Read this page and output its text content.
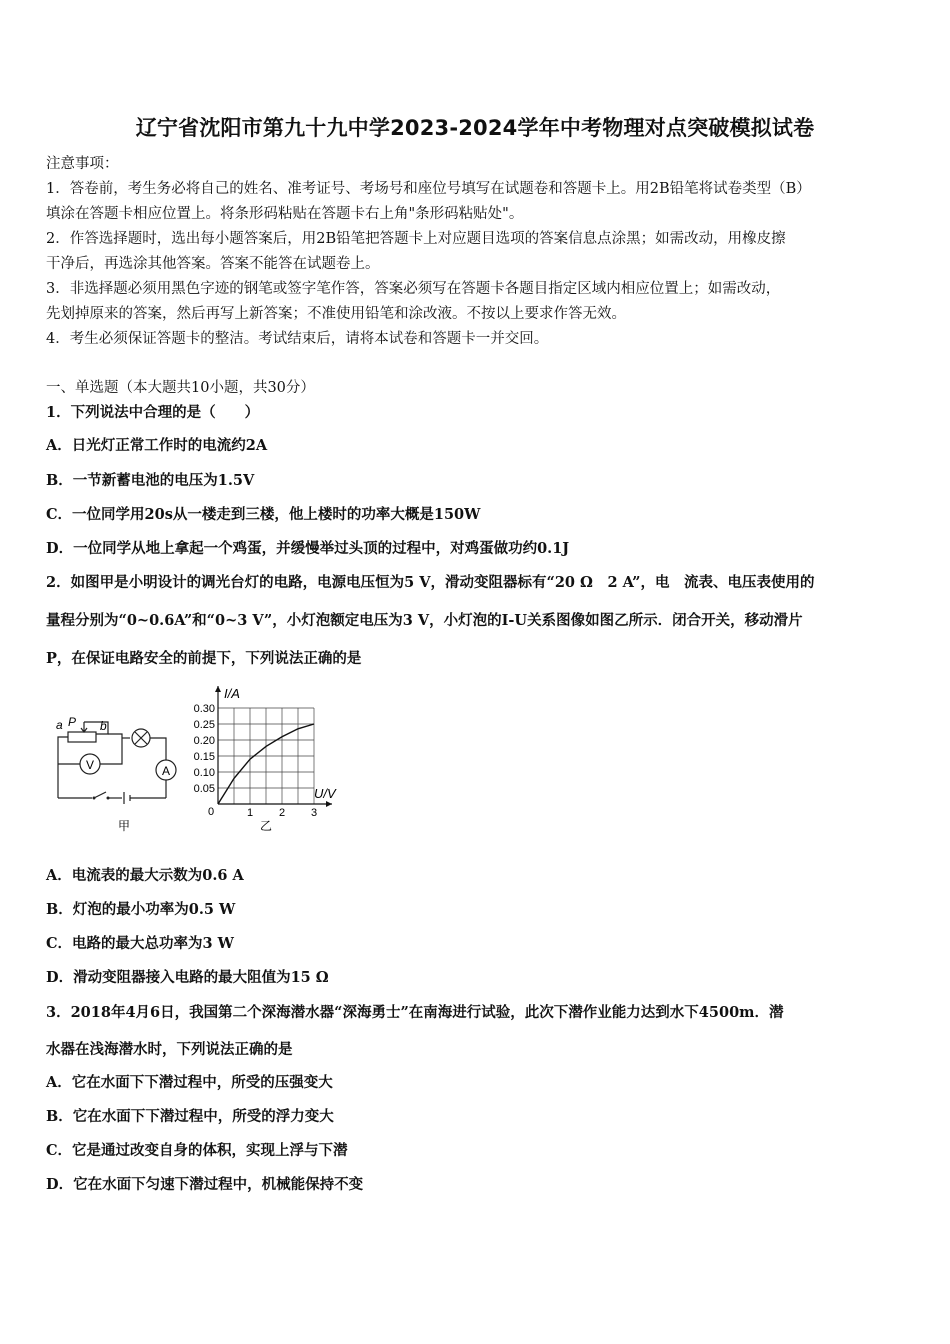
辽宁省沈阳市第九十九中学2023-2024学年中考物理对点突破模拟试卷
注意事项：
1．答卷前，考生务必将自己的姓名、准考证号、考场号和座位号填写在试题卷和答题卡上。用2B铅笔将试卷类型（B）
填涂在答题卡相应位置上。将条形码粘贴在答题卡右上角"条形码粘贴处"。
2．作答选择题时，选出每小题答案后，用2B铅笔把答题卡上对应题目选项的答案信息点涂黑；如需改动，用橡皮擦
干净后，再选涂其他答案。答案不能答在试题卷上。
3．非选择题必须用黑色字迹的钢笔或签字笔作答，答案必须写在答题卡各题目指定区域内相应位置上；如需改动，
先划掉原来的答案，然后再写上新答案；不准使用铅笔和涂改液。不按以上要求作答无效。
4．考生必须保证答题卡的整洁。考试结束后，请将本试卷和答题卡一并交回。
一、单选题（本大题共10小题，共30分）
1．下列说法中合理的是（　　）
A．日光灯正常工作时的电流约2A
B．一节新蓄电池的电压为1.5V
C．一位同学用20s从一楼走到三楼，他上楼时的功率大概是150W
D．一位同学从地上拿起一个鸡蛋，并缓慢举过头顶的过程中，对鸡蛋做功约0.1J
2．如图甲是小明设计的调光台灯的电路，电源电压恒为5 V，滑动变阻器标有“20 Ω　2 A”，电　流表、电压表使用的
量程分别为“0~0.6A”和“0~3 V”，小灯泡额定电压为3 V，小灯泡的I-U关系图像如图乙所示．闭合开关，移动滑片
P，在保证电路安全的前提下，下列说法正确的是
a P b
V	A
甲
0.05
0.10
0.15
0.20
0.25
0.30
1 2 3
I/A
U/V
0
乙
A．电流表的最大示数为0.6 A
B．灯泡的最小功率为0.5 W
C．电路的最大总功率为3 W
D．滑动变阻器接入电路的最大阻值为15 Ω
3．2018年4月6日，我国第二个深海潜水器“深海勇士”在南海进行试验，此次下潜作业能力达到水下4500m．潜
水器在浅海潜水时，下列说法正确的是
A．它在水面下下潜过程中，所受的压强变大
B．它在水面下下潜过程中，所受的浮力变大
C．它是通过改变自身的体积，实现上浮与下潜
D．它在水面下匀速下潜过程中，机械能保持不变
